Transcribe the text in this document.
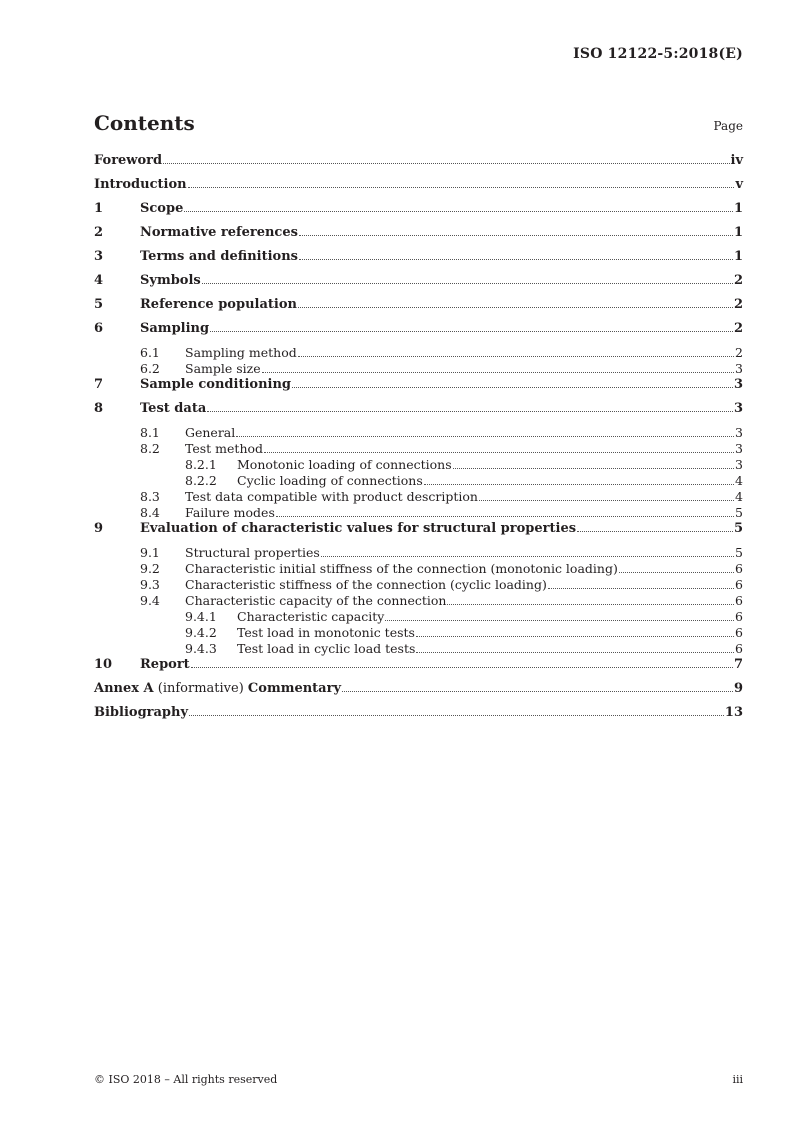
ISO 12122-5:2018(E)
Contents	Page
Foreword	iv
Introduction	v
1	Scope	1
2	Normative references	1
3	Terms and definitions	1
4	Symbols	2
5	Reference population	2
6	Sampling	2
6.1	Sampling method	2
6.2	Sample size	3
7	Sample conditioning	3
8	Test data	3
8.1	General	3
8.2	Test method	3
8.2.1	Monotonic loading of connections	3
8.2.2	Cyclic loading of connections	4
8.3	Test data compatible with product description	4
8.4	Failure modes	5
9	Evaluation of characteristic values for structural properties	5
9.1	Structural properties	5
9.2	Characteristic initial stiffness of the connection (monotonic loading)	6
9.3	Characteristic stiffness of the connection (cyclic loading)	6
9.4	Characteristic capacity of the connection	6
9.4.1	Characteristic capacity	6
9.4.2	Test load in monotonic tests	6
9.4.3	Test load in cyclic load tests	6
10	Report	7
Annex A (informative) Commentary	9
Bibliography	13
© ISO 2018 – All rights reserved	iii
